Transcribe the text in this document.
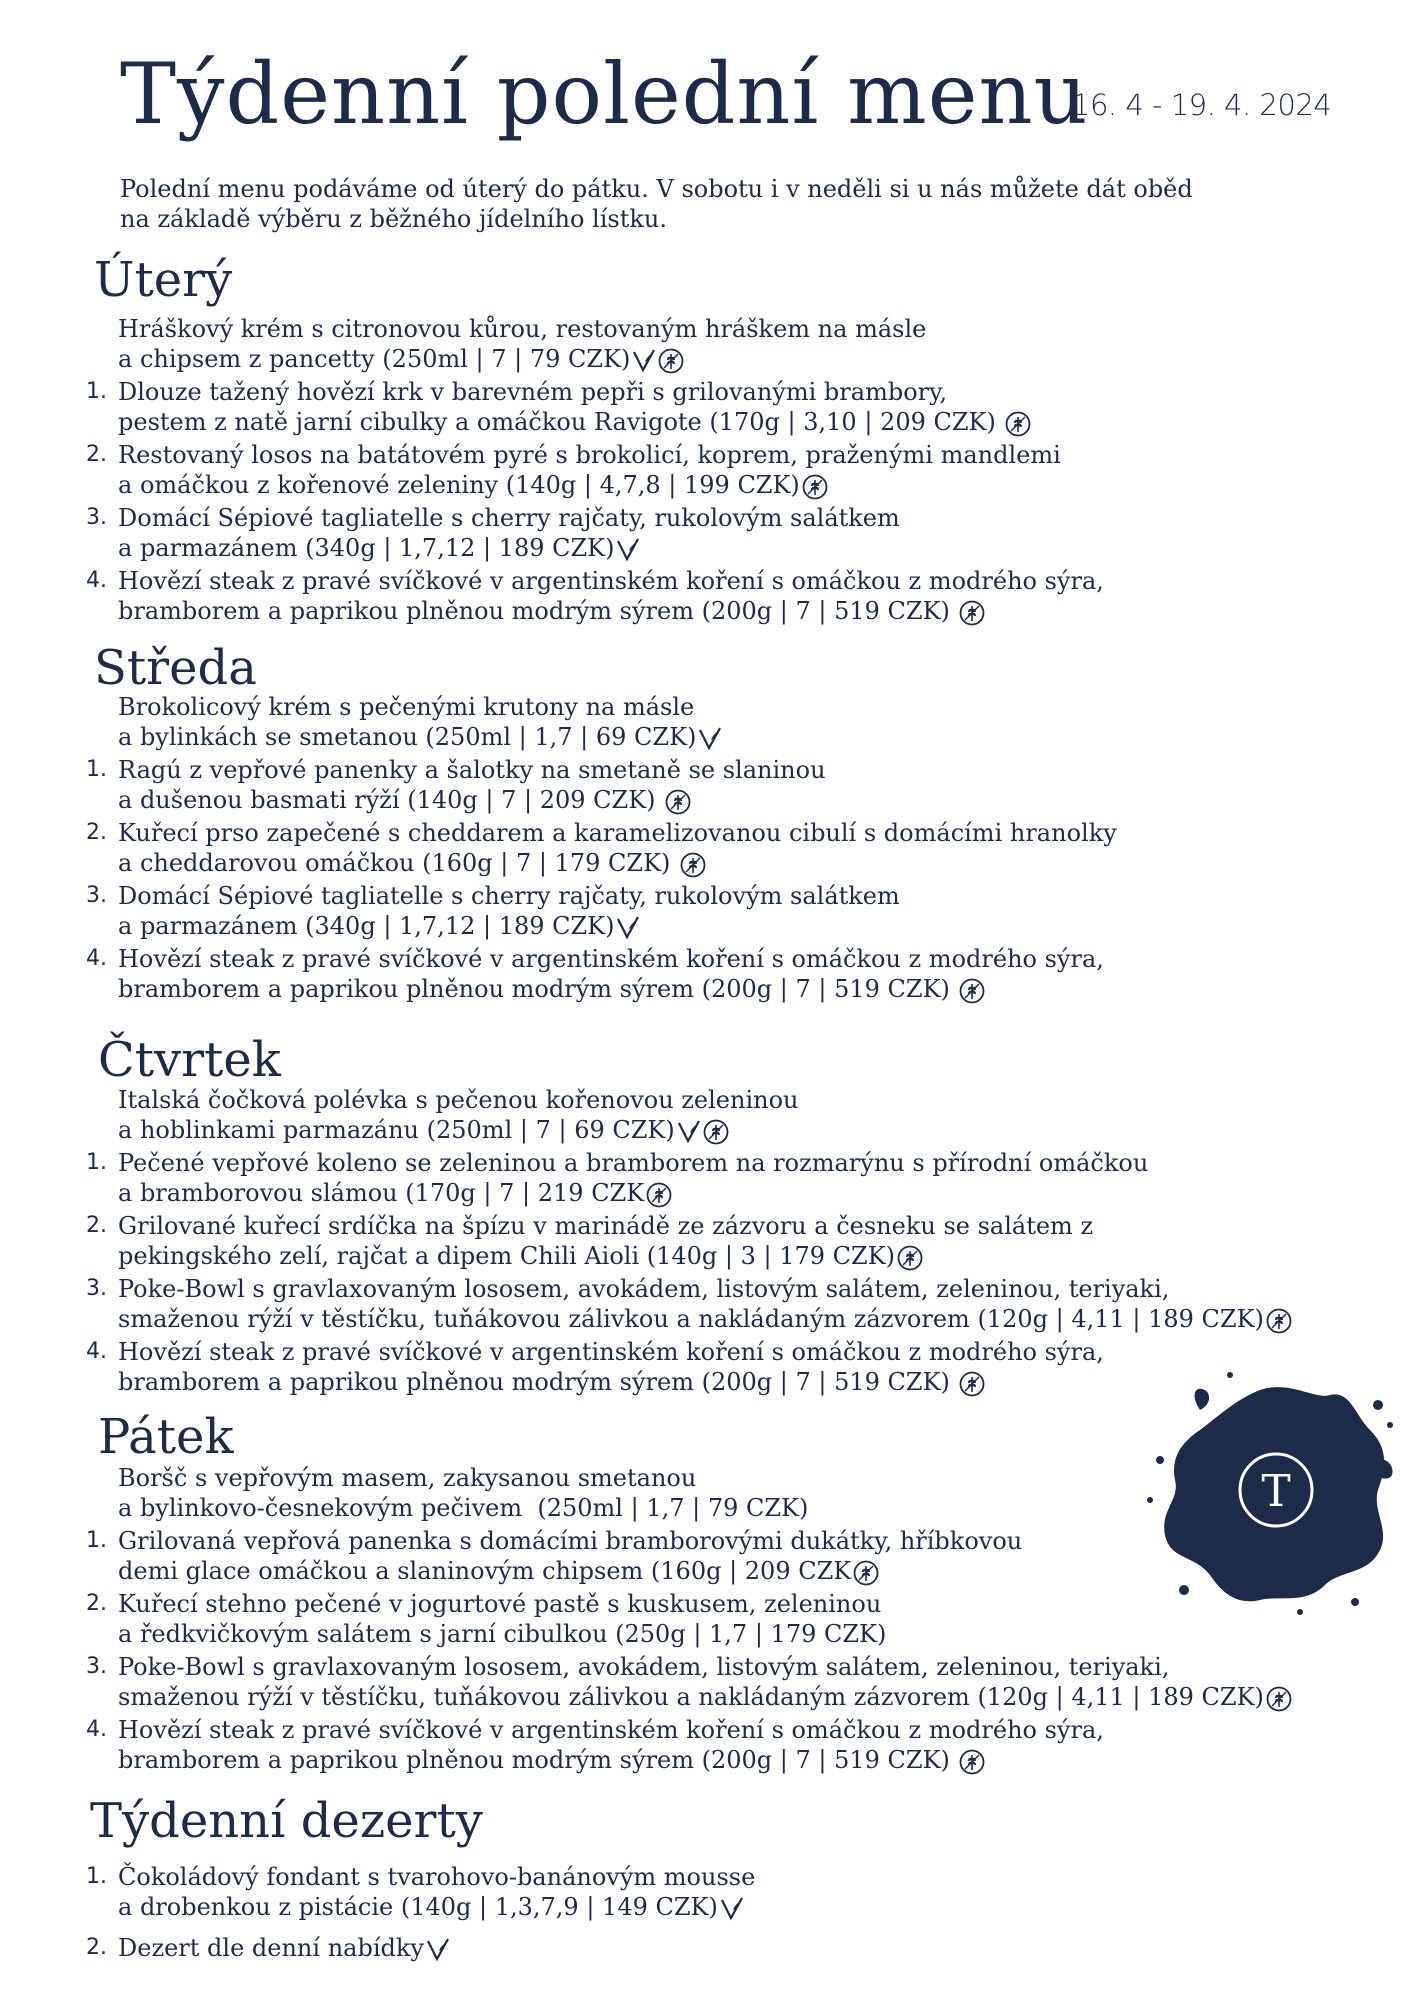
Týdenní polední menu
16. 4 - 19. 4. 2024
Polední menu podáváme od úterý do pátku. V sobotu i v neděli si u nás můžete dát oběd
na základě výběru z běžného jídelního lístku.
Úterý
Středa
Čtvrtek
Pátek
Týdenní dezerty
Hráškový krém s citronovou kůrou, restovaným hráškem na másle
a chipsem z pancetty (250ml | 7 | 79 CZK)
1. Dlouze tažený hovězí krk v barevném pepři s grilovanými brambory,
pestem z natě jarní cibulky a omáčkou Ravigote (170g | 3,10 | 209 CZK)
2. Restovaný losos na batátovém pyré s brokolicí, koprem, praženými mandlemi
a omáčkou z kořenové zeleniny (140g | 4,7,8 | 199 CZK)
3. Domácí Sépiové tagliatelle s cherry rajčaty, rukolovým salátkem
a parmazánem (340g | 1,7,12 | 189 CZK)
4. Hovězí steak z pravé svíčkové v argentinském koření s omáčkou z modrého sýra,
bramborem a paprikou plněnou modrým sýrem (200g | 7 | 519 CZK)
Brokolicový krém s pečenými krutony na másle
a bylinkách se smetanou (250ml | 1,7 | 69 CZK)
1. Ragú z vepřové panenky a šalotky na smetaně se slaninou
a dušenou basmati rýží (140g | 7 | 209 CZK)
2. Kuřecí prso zapečené s cheddarem a karamelizovanou cibulí s domácími hranolky
a cheddarovou omáčkou (160g | 7 | 179 CZK)
3. Domácí Sépiové tagliatelle s cherry rajčaty, rukolovým salátkem
a parmazánem (340g | 1,7,12 | 189 CZK)
4. Hovězí steak z pravé svíčkové v argentinském koření s omáčkou z modrého sýra,
bramborem a paprikou plněnou modrým sýrem (200g | 7 | 519 CZK)
Italská čočková polévka s pečenou kořenovou zeleninou
a hoblinkami parmazánu (250ml | 7 | 69 CZK)
1. Pečené vepřové koleno se zeleninou a bramborem na rozmarýnu s přírodní omáčkou
a bramborovou slámou (170g | 7 | 219 CZK
2. Grilované kuřecí srdíčka na špízu v marinádě ze zázvoru a česneku se salátem z
pekingského zelí, rajčat a dipem Chili Aioli (140g | 3 | 179 CZK)
3. Poke-Bowl s gravlaxovaným lososem, avokádem, listovým salátem, zeleninou, teriyaki,
smaženou rýží v těstíčku, tuňákovou zálivkou a nakládaným zázvorem (120g | 4,11 | 189 CZK)
4. Hovězí steak z pravé svíčkové v argentinském koření s omáčkou z modrého sýra,
bramborem a paprikou plněnou modrým sýrem (200g | 7 | 519 CZK)
Boršč s vepřovým masem, zakysanou smetanou
a bylinkovo-česnekovým pečivem  (250ml | 1,7 | 79 CZK)
1. Grilovaná vepřová panenka s domácími bramborovými dukátky, hříbkovou
demi glace omáčkou a slaninovým chipsem (160g | 209 CZK
2. Kuřecí stehno pečené v jogurtové pastě s kuskusem, zeleninou
a ředkvičkovým salátem s jarní cibulkou (250g | 1,7 | 179 CZK)
3. Poke-Bowl s gravlaxovaným lososem, avokádem, listovým salátem, zeleninou, teriyaki,
smaženou rýží v těstíčku, tuňákovou zálivkou a nakládaným zázvorem (120g | 4,11 | 189 CZK)
4. Hovězí steak z pravé svíčkové v argentinském koření s omáčkou z modrého sýra,
bramborem a paprikou plněnou modrým sýrem (200g | 7 | 519 CZK)
1. Čokoládový fondant s tvarohovo-banánovým mousse
a drobenkou z pistácie (140g | 1,3,7,9 | 149 CZK)
2. Dezert dle denní nabídky
T
